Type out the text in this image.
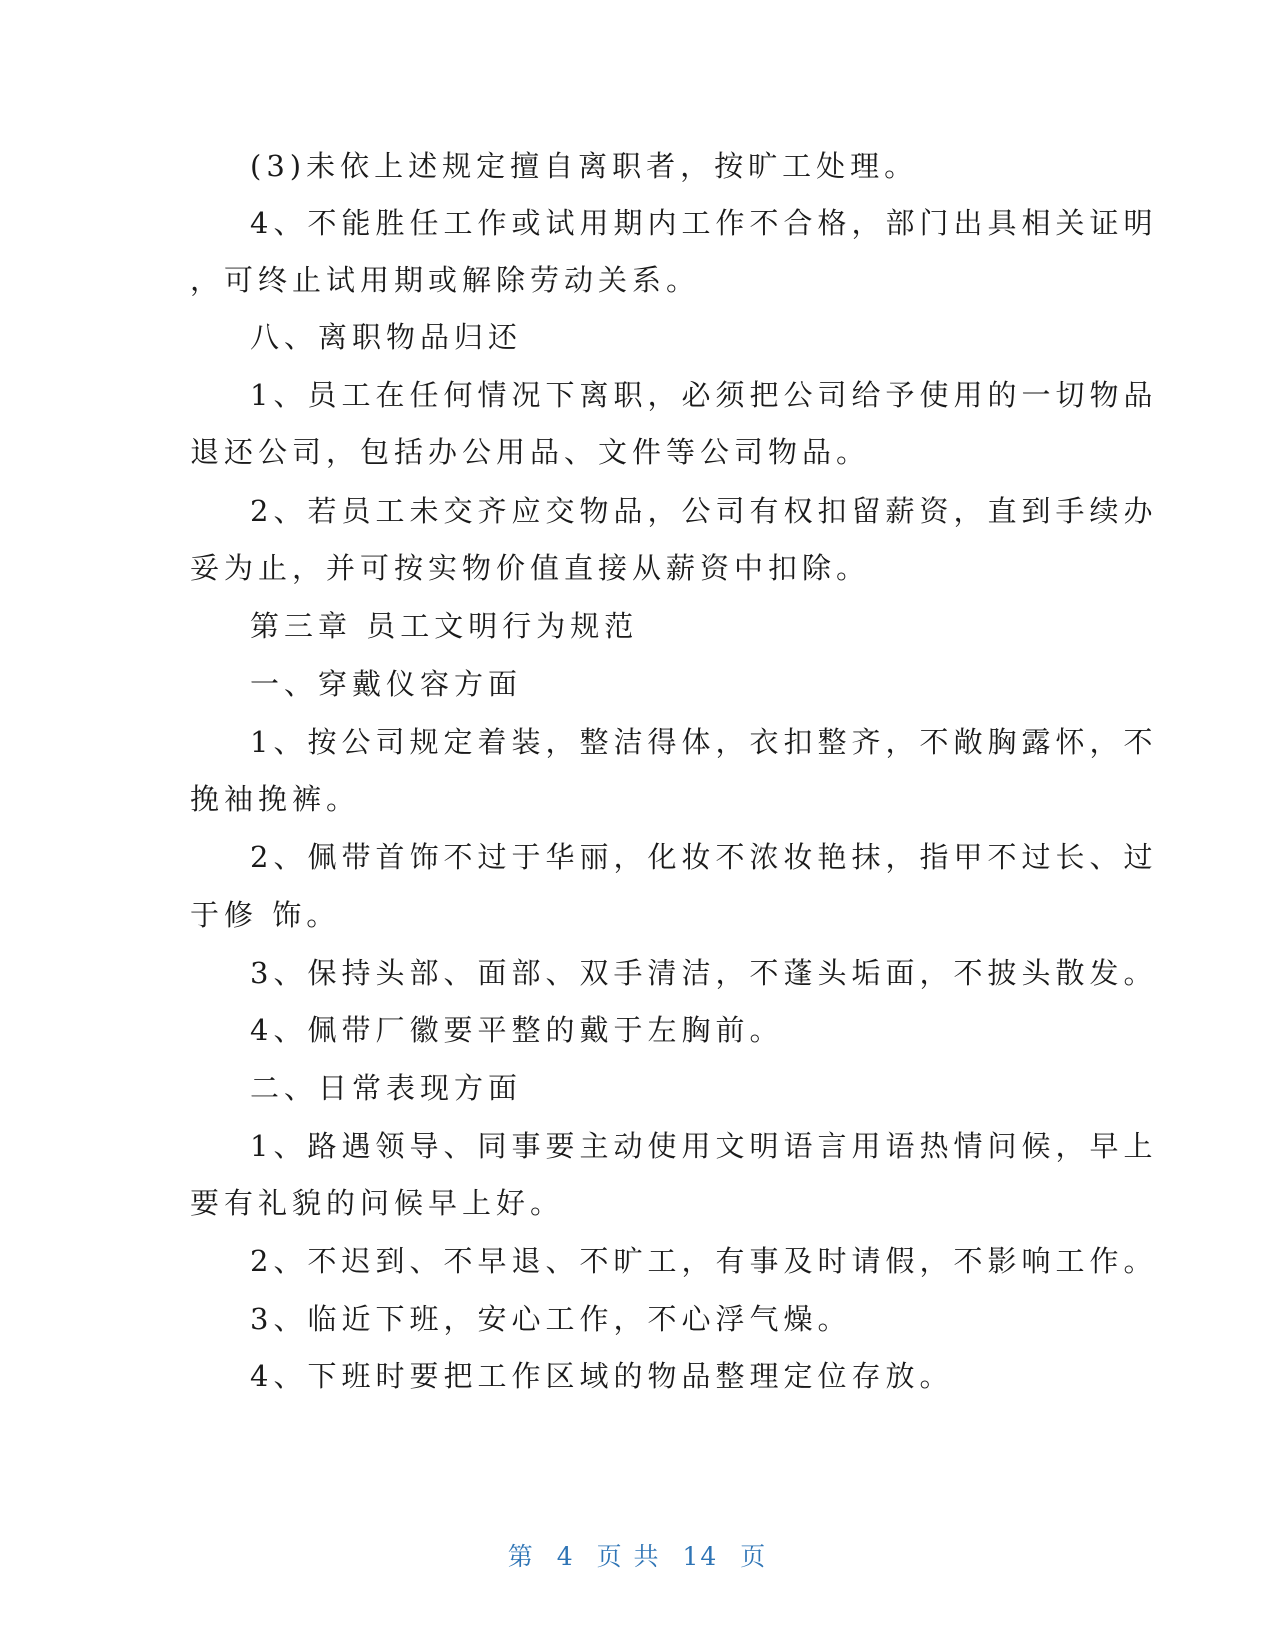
(3)未依上述规定擅自离职者，按旷工处理。
4、不能胜任工作或试用期内工作不合格，部门出具相关证明
，可终止试用期或解除劳动关系。
八、离职物品归还
1、员工在任何情况下离职，必须把公司给予使用的一切物品
退还公司，包括办公用品、文件等公司物品。
2、若员工未交齐应交物品，公司有权扣留薪资，直到手续办
妥为止，并可按实物价值直接从薪资中扣除。
第三章 员工文明行为规范
一、穿戴仪容方面
1、按公司规定着装，整洁得体，衣扣整齐，不敞胸露怀，不
挽袖挽裤。
2、佩带首饰不过于华丽，化妆不浓妆艳抹，指甲不过长、过
于修 饰。
3、保持头部、面部、双手清洁，不蓬头垢面，不披头散发。
4、佩带厂徽要平整的戴于左胸前。
二、日常表现方面
1、路遇领导、同事要主动使用文明语言用语热情问候，早上
要有礼貌的问候早上好。
2、不迟到、不早退、不旷工，有事及时请假，不影响工作。
3、临近下班，安心工作，不心浮气燥。
4、下班时要把工作区域的物品整理定位存放。
第 4 页 共 14 页
